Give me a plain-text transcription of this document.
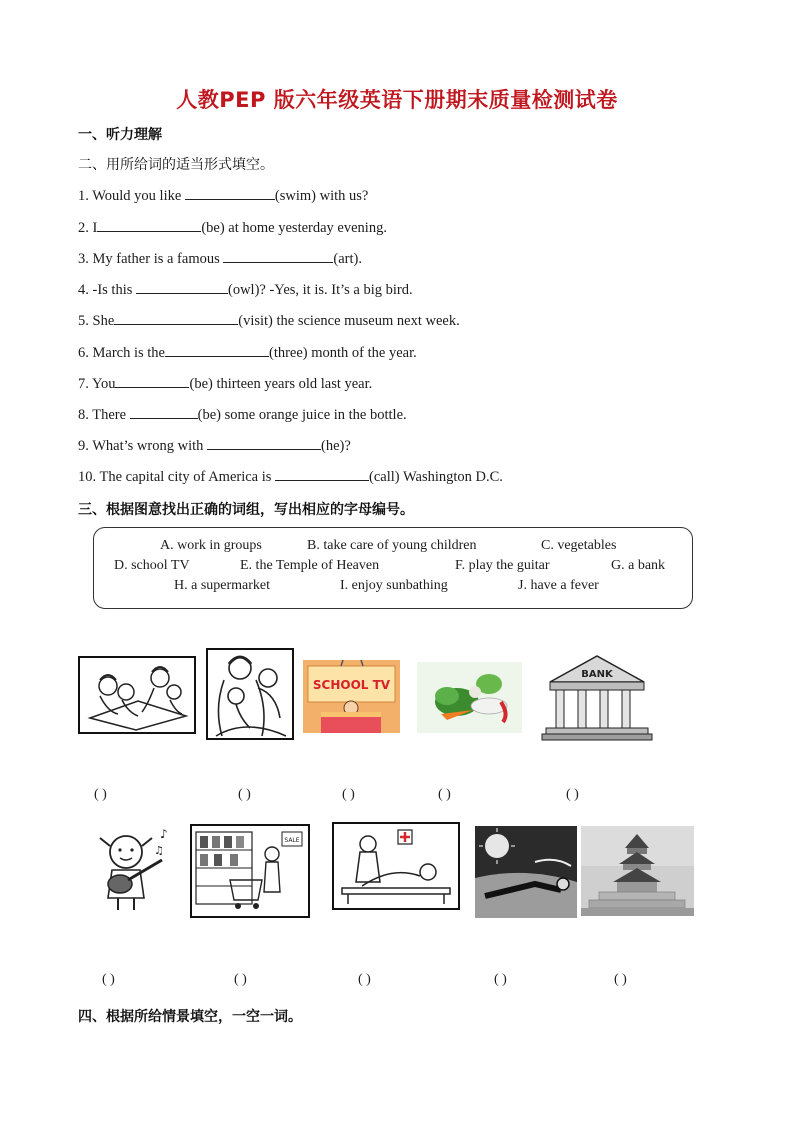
人教PEP 版六年级英语下册期末质量检测试卷
一、听力理解
二、用所给词的适当形式填空。
1. Would you like	(swim) with us?
2. I	(be) at home yesterday evening.
3. My father is a famous	(art).
4. -Is this	(owl)? -Yes, it is. It’s a big bird.
5. She	(visit) the science museum next week.
6. March is the	(three) month of the year.
7. You	(be) thirteen years old last year.
8. There	(be) some orange juice in the bottle.
9. What’s wrong with	(he)?
10. The capital city of America is	(call) Washington D.C.
三、根据图意找出正确的词组，写出相应的字母编号。
A. work in groups	B. take care of young children	C. vegetables
D. school TV	E. the Temple of Heaven	F. play the guitar	G. a bank
H. a supermarket	I. enjoy sunbathing	J. have a fever
SCHOOL TV
BANK
( )	( )	( )	( )	( )
♪
♫
SALE
( )	( )	( )	( )	( )
四、根据所给情景填空，一空一词。
